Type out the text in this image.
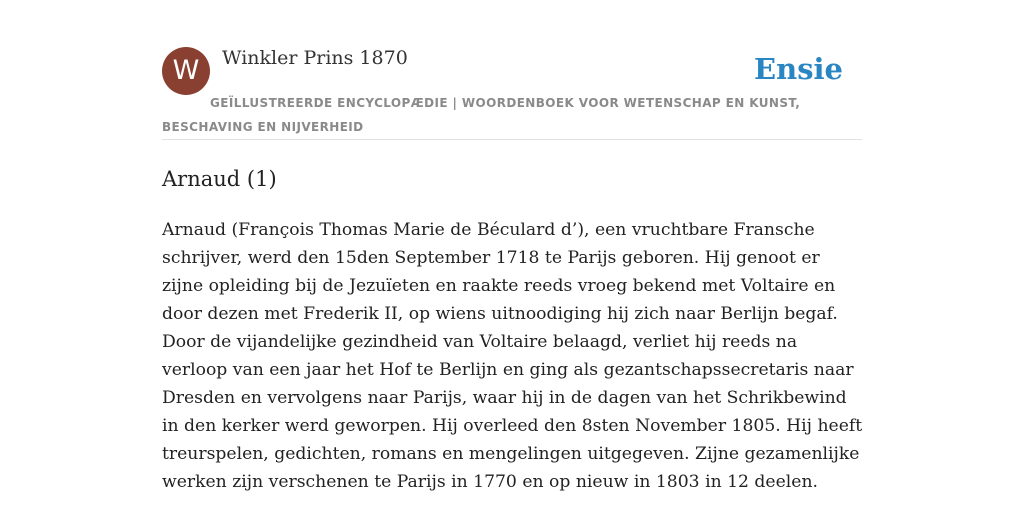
W	Winkler Prins 1870	Ensie
GEÏLLUSTREERDE ENCYCLOPÆDIE | WOORDENBOEK VOOR WETENSCHAP EN KUNST, BESCHAVING EN NIJVERHEID
Arnaud (1)

Arnaud (François Thomas Marie de Béculard d’), een vruchtbare Fransche schrijver, werd den 15den September 1718 te Parijs geboren. Hij genoot er zijne opleiding bij de Jezuïeten en raakte reeds vroeg bekend met Voltaire en door dezen met Frederik II, op wiens uitnoodiging hij zich naar Berlijn begaf. Door de vijandelijke gezindheid van Voltaire belaagd, verliet hij reeds na verloop van een jaar het Hof te Berlijn en ging als gezantschapssecretaris naar Dresden en vervolgens naar Parijs, waar hij in de dagen van het Schrikbewind in den kerker werd geworpen. Hij overleed den 8sten November 1805. Hij heeft treurspelen, gedichten, romans en mengelingen uitgegeven. Zijne gezamenlijke werken zijn verschenen te Parijs in 1770 en op nieuw in 1803 in 12 deelen.
